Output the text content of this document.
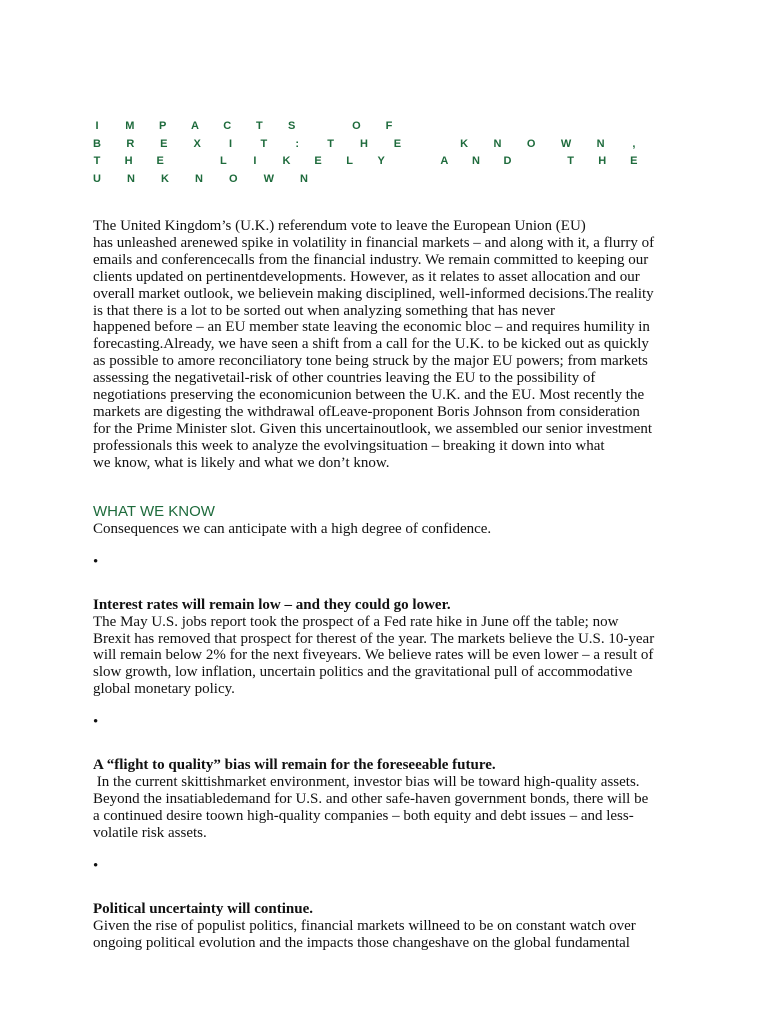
I M P A C T S	O F
B R E X	I	T	:	T H E	K N O W N	,
T H E	L I K E L Y	A N D	T H E
U N K N O W N
The United Kingdom’s (U.K.) referendum vote to leave the European Union (EU)
has unleashed arenewed spike in volatility in financial markets – and along with it, a flurry of
emails and conferencecalls from the financial industry. We remain committed to keeping our
clients updated on pertinentdevelopments. However, as it relates to asset allocation and our
overall market outlook, we believein making disciplined, well-informed decisions.The reality
is that there is a lot to be sorted out when analyzing something that has never
happened before – an EU member state leaving the economic bloc – and requires humility in
forecasting.Already, we have seen a shift from a call for the U.K. to be kicked out as quickly
as possible to amore reconciliatory tone being struck by the major EU powers; from markets
assessing the negativetail-risk of other countries leaving the EU to the possibility of
negotiations preserving the economicunion between the U.K. and the EU. Most recently the
markets are digesting the withdrawal ofLeave-proponent Boris Johnson from consideration
for the Prime Minister slot. Given this uncertainoutlook, we assembled our senior investment
professionals this week to analyze the evolvingsituation – breaking it down into what
we know, what is likely and what we don’t know.
WHAT WE KNOW
Consequences we can anticipate with a high degree of confidence.
•
Interest rates will remain low – and they could go lower.
The May U.S. jobs report took the prospect of a Fed rate hike in June off the table; now
Brexit has removed that prospect for therest of the year. The markets believe the U.S. 10-year
will remain below 2% for the next fiveyears. We believe rates will be even lower – a result of
slow growth, low inflation, uncertain politics and the gravitational pull of accommodative
global monetary policy.
•
A “flight to quality” bias will remain for the foreseeable future.
In the current skittishmarket environment, investor bias will be toward high-quality assets.
Beyond the insatiabledemand for U.S. and other safe-haven government bonds, there will be
a continued desire toown high-quality companies – both equity and debt issues – and less-
volatile risk assets.
•
Political uncertainty will continue.
Given the rise of populist politics, financial markets willneed to be on constant watch over
ongoing political evolution and the impacts those changeshave on the global fundamental
